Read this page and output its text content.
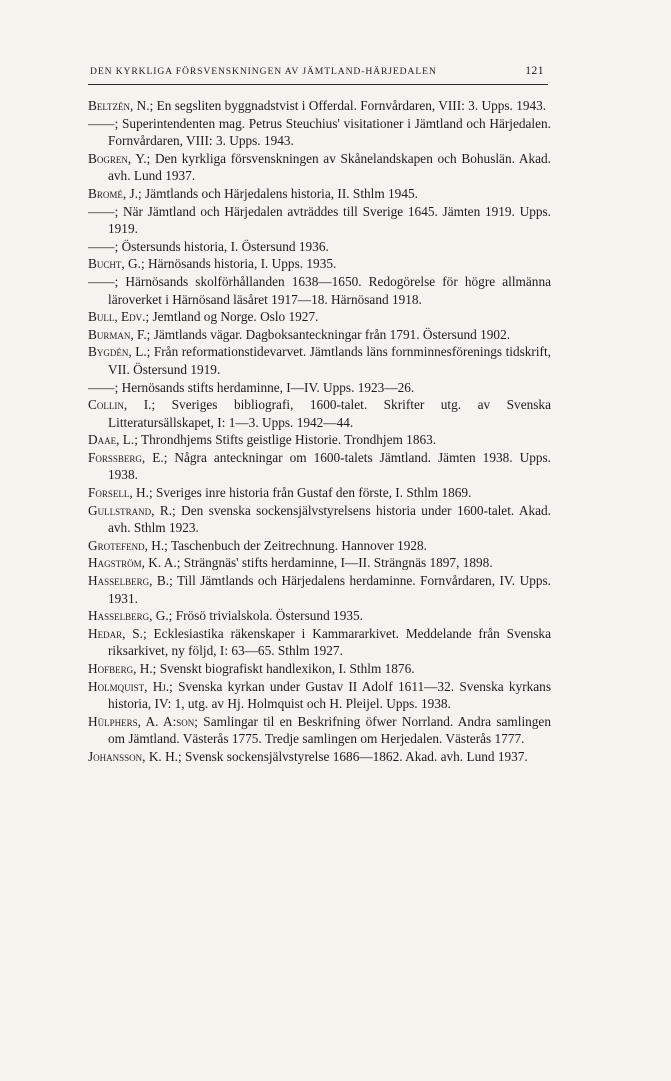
DEN KYRKLIGA FÖRSVENSKNINGEN AV JÄMTLAND-HÄRJEDALEN	121
Beltzén, N.; En segsliten byggnadstvist i Offerdal. Fornvårdaren, VIII: 3. Upps. 1943.
——; Superintendenten mag. Petrus Steuchius' visitationer i Jämtland och Härjedalen. Fornvårdaren, VIII: 3. Upps. 1943.
Bogren, Y.; Den kyrkliga försvenskningen av Skånelandskapen och Bohuslän. Akad. avh. Lund 1937.
Bromé, J.; Jämtlands och Härjedalens historia, II. Sthlm 1945.
——; När Jämtland och Härjedalen avträddes till Sverige 1645. Jämten 1919. Upps. 1919.
——; Östersunds historia, I. Östersund 1936.
Bucht, G.; Härnösands historia, I. Upps. 1935.
——; Härnösands skolförhållanden 1638—1650. Redogörelse för högre allmänna läroverket i Härnösand läsåret 1917—18. Härnösand 1918.
Bull, Edv.; Jemtland og Norge. Oslo 1927.
Burman, F.; Jämtlands vägar. Dagboksanteckningar från 1791. Östersund 1902.
Bygdén, L.; Från reformationstidevarvet. Jämtlands läns fornminnesförenings tidskrift, VII. Östersund 1919.
——; Hernösands stifts herdaminne, I—IV. Upps. 1923—26.
Collin, I.; Sveriges bibliografi, 1600-talet. Skrifter utg. av Svenska Litteratursällskapet, I: 1—3. Upps. 1942—44.
Daae, L.; Throndhjems Stifts geistlige Historie. Trondhjem 1863.
Forssberg, E.; Några anteckningar om 1600-talets Jämtland. Jämten 1938. Upps. 1938.
Forsell, H.; Sveriges inre historia från Gustaf den förste, I. Sthlm 1869.
Gullstrand, R.; Den svenska sockensjälvstyrelsens historia under 1600-talet. Akad. avh. Sthlm 1923.
Grotefend, H.; Taschenbuch der Zeitrechnung. Hannover 1928.
Hagström, K. A.; Strängnäs' stifts herdaminne, I—II. Strängnäs 1897, 1898.
Hasselberg, B.; Till Jämtlands och Härjedalens herdaminne. Fornvårdaren, IV. Upps. 1931.
Hasselberg, G.; Frösö trivialskola. Östersund 1935.
Hedar, S.; Ecklesiastika räkenskaper i Kammararkivet. Meddelande från Svenska riksarkivet, ny följd, I: 63—65. Sthlm 1927.
Hofberg, H.; Svenskt biografiskt handlexikon, I. Sthlm 1876.
Holmquist, Hj.; Svenska kyrkan under Gustav II Adolf 1611—32. Svenska kyrkans historia, IV: 1, utg. av Hj. Holmquist och H. Pleijel. Upps. 1938.
Hülphers, A. A:son; Samlingar til en Beskrifning öfwer Norrland. Andra samlingen om Jämtland. Västerås 1775. Tredje samlingen om Herjedalen. Västerås 1777.
Johansson, K. H.; Svensk sockensjälvstyrelse 1686—1862. Akad. avh. Lund 1937.
